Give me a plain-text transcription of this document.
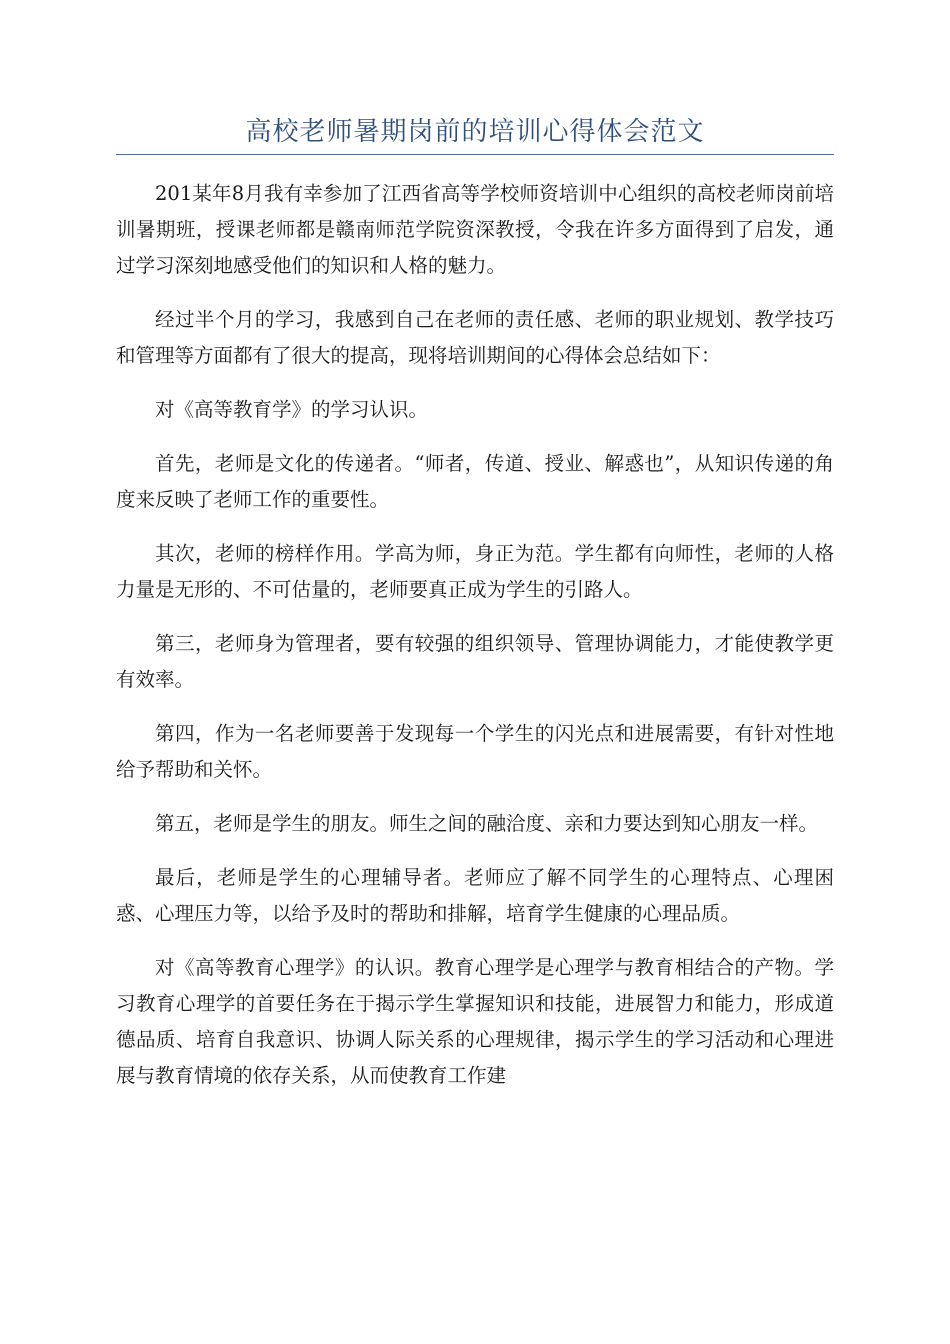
高校老师暑期岗前的培训心得体会范文

201某年8月我有幸参加了江西省高等学校师资培训中心组织的高校老师岗前培训暑期班，授课老师都是赣南师范学院资深教授，令我在许多方面得到了启发，通过学习深刻地感受他们的知识和人格的魅力。

经过半个月的学习，我感到自己在老师的责任感、老师的职业规划、教学技巧和管理等方面都有了很大的提高，现将培训期间的心得体会总结如下：

对《高等教育学》的学习认识。

首先，老师是文化的传递者。“师者，传道、授业、解惑也”，从知识传递的角度来反映了老师工作的重要性。

其次，老师的榜样作用。学高为师，身正为范。学生都有向师性，老师的人格力量是无形的、不可估量的，老师要真正成为学生的引路人。

第三，老师身为管理者，要有较强的组织领导、管理协调能力，才能使教学更有效率。

第四，作为一名老师要善于发现每一个学生的闪光点和进展需要，有针对性地给予帮助和关怀。

第五，老师是学生的朋友。师生之间的融洽度、亲和力要达到知心朋友一样。

最后，老师是学生的心理辅导者。老师应了解不同学生的心理特点、心理困惑、心理压力等，以给予及时的帮助和排解，培育学生健康的心理品质。

对《高等教育心理学》的认识。教育心理学是心理学与教育相结合的产物。学习教育心理学的首要任务在于揭示学生掌握知识和技能，进展智力和能力，形成道德品质、培育自我意识、协调人际关系的心理规律，揭示学生的学习活动和心理进展与教育情境的依存关系，从而使教育工作建
